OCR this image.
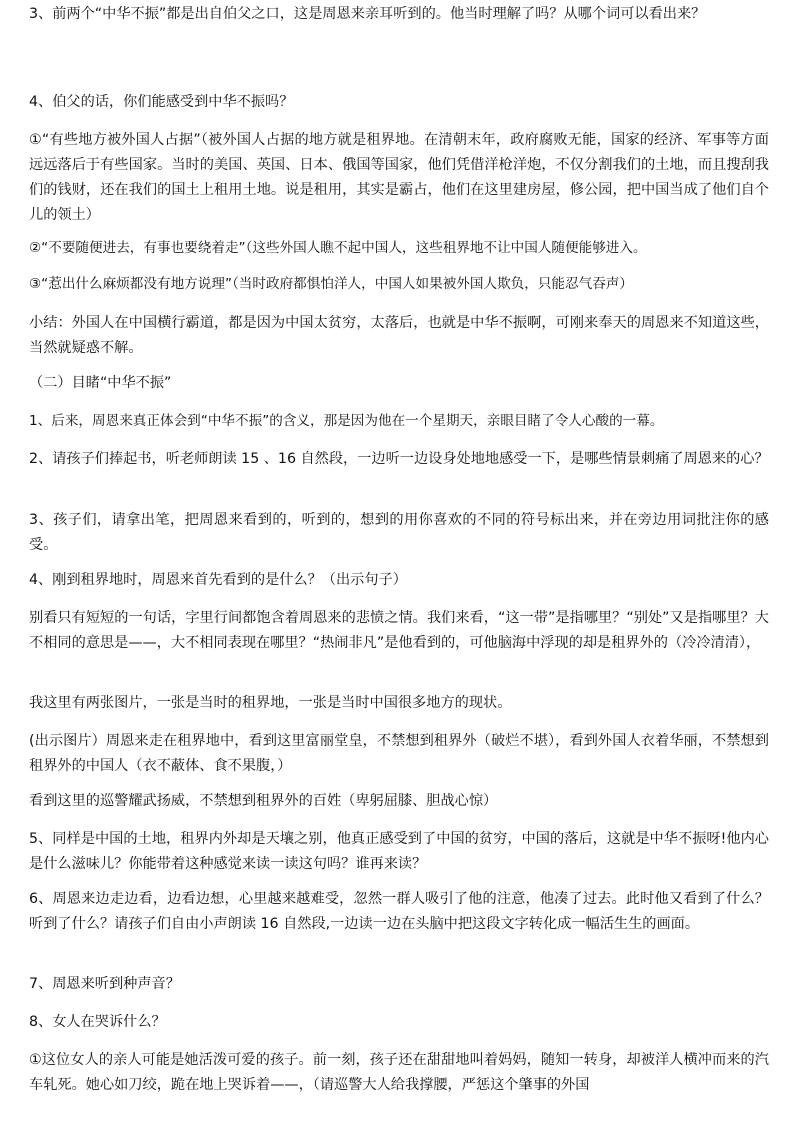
3、前两个“中华不振”都是出自伯父之口，这是周恩来亲耳听到的。他当时理解了吗？从哪个词可以看出来？

4、伯父的话，你们能感受到中华不振吗？

①“有些地方被外国人占据”（被外国人占据的地方就是租界地。在清朝末年，政府腐败无能，国家的经济、军事等方面远远落后于有些国家。当时的美国、英国、日本、俄国等国家，他们凭借洋枪洋炮，不仅分割我们的土地，而且搜刮我们的钱财，还在我们的国土上租用土地。说是租用，其实是霸占，他们在这里建房屋，修公园，把中国当成了他们自个儿的领土）

②“不要随便进去，有事也要绕着走”（这些外国人瞧不起中国人，这些租界地不让中国人随便能够进入。

③“惹出什么麻烦都没有地方说理”（当时政府都惧怕洋人，中国人如果被外国人欺负，只能忍气吞声）

小结：外国人在中国横行霸道，都是因为中国太贫穷，太落后，也就是中华不振啊，可刚来奉天的周恩来不知道这些，当然就疑惑不解。

（二）目睹“中华不振”

1、后来，周恩来真正体会到“中华不振”的含义，那是因为他在一个星期天，亲眼目睹了令人心酸的一幕。

2、请孩子们捧起书，听老师朗读 15 、16 自然段，一边听一边设身处地地感受一下，是哪些情景刺痛了周恩来的心？

3、孩子们，请拿出笔，把周恩来看到的，听到的，想到的用你喜欢的不同的符号标出来，并在旁边用词批注你的感受。

4、刚到租界地时，周恩来首先看到的是什么？（出示句子）

别看只有短短的一句话，字里行间都饱含着周恩来的悲愤之情。我们来看，“这一带”是指哪里？“别处”又是指哪里？大不相同的意思是——，大不相同表现在哪里？“热闹非凡”是他看到的，可他脑海中浮现的却是租界外的（冷冷清清），

我这里有两张图片，一张是当时的租界地，一张是当时中国很多地方的现状。

(出示图片）周恩来走在租界地中，看到这里富丽堂皇，不禁想到租界外（破烂不堪），看到外国人衣着华丽，不禁想到租界外的中国人（衣不蔽体、食不果腹，）

看到这里的巡警耀武扬威，不禁想到租界外的百姓（卑躬屈膝、胆战心惊）

5、同样是中国的土地，租界内外却是天壤之别，他真正感受到了中国的贫穷，中国的落后，这就是中华不振呀!他内心是什么滋味儿？你能带着这种感觉来读一读这句吗？谁再来读？

6、周恩来边走边看，边看边想，心里越来越难受，忽然一群人吸引了他的注意，他凑了过去。此时他又看到了什么？听到了什么？请孩子们自由小声朗读 16 自然段,一边读一边在头脑中把这段文字转化成一幅活生生的画面。

7、周恩来听到种声音？

8、女人在哭诉什么？

①这位女人的亲人可能是她活泼可爱的孩子。前一刻，孩子还在甜甜地叫着妈妈，随知一转身，却被洋人横冲而来的汽车轧死。她心如刀绞，跪在地上哭诉着——，（请巡警大人给我撑腰，严惩这个肇事的外国
